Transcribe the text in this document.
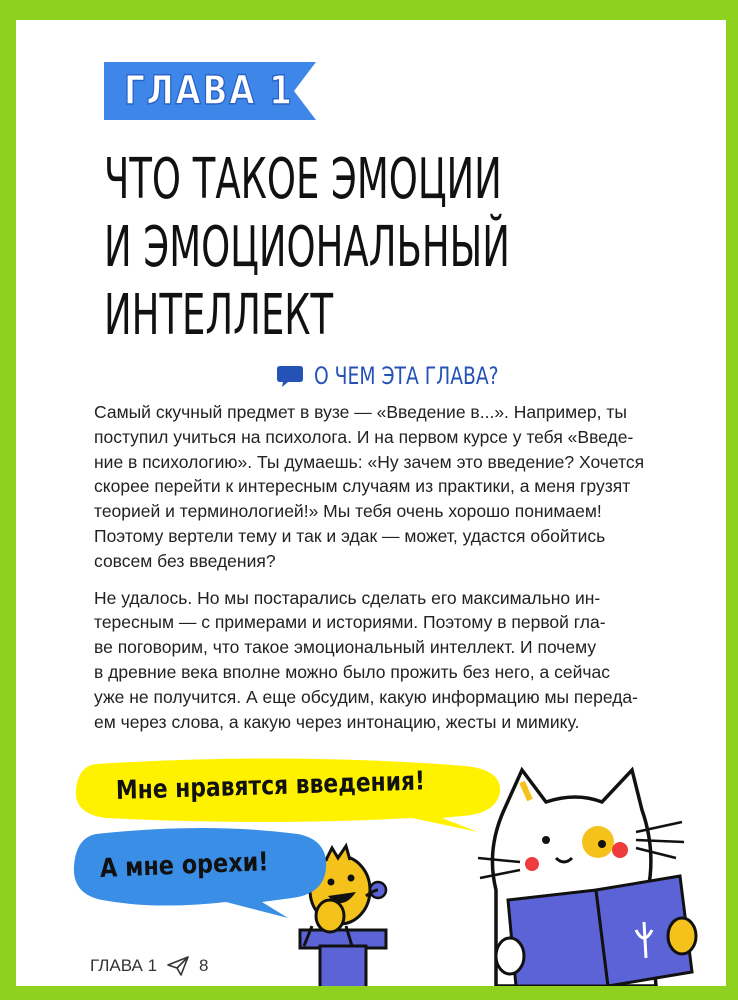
ГЛАВА 1
ЧТО ТАКОЕ ЭМОЦИИ
И ЭМОЦИОНАЛЬНЫЙ
ИНТЕЛЛЕКТ
О ЧЕМ ЭТА ГЛАВА?

Самый скучный предмет в вузе — «Введение в...». Например, ты
поступил учиться на психолога. И на первом курсе у тебя «Введе-
ние в психологию». Ты думаешь: «Ну зачем это введение? Хочется
скорее перейти к интересным случаям из практики, а меня грузят
теорией и терминологией!» Мы тебя очень хорошо понимаем!
Поэтому вертели тему и так и эдак — может, удастся обойтись
совсем без введения?

Не удалось. Но мы постарались сделать его максимально ин-
тересным — с примерами и историями. Поэтому в первой гла-
ве поговорим, что такое эмоциональный интеллект. И почему
в древние века вполне можно было прожить без него, а сейчас
уже не получится. А еще обсудим, какую информацию мы переда-
ем через слова, а какую через интонацию, жесты и мимику.

Мне нравятся введения!
А мне орехи!
ГЛАВА 1 8
